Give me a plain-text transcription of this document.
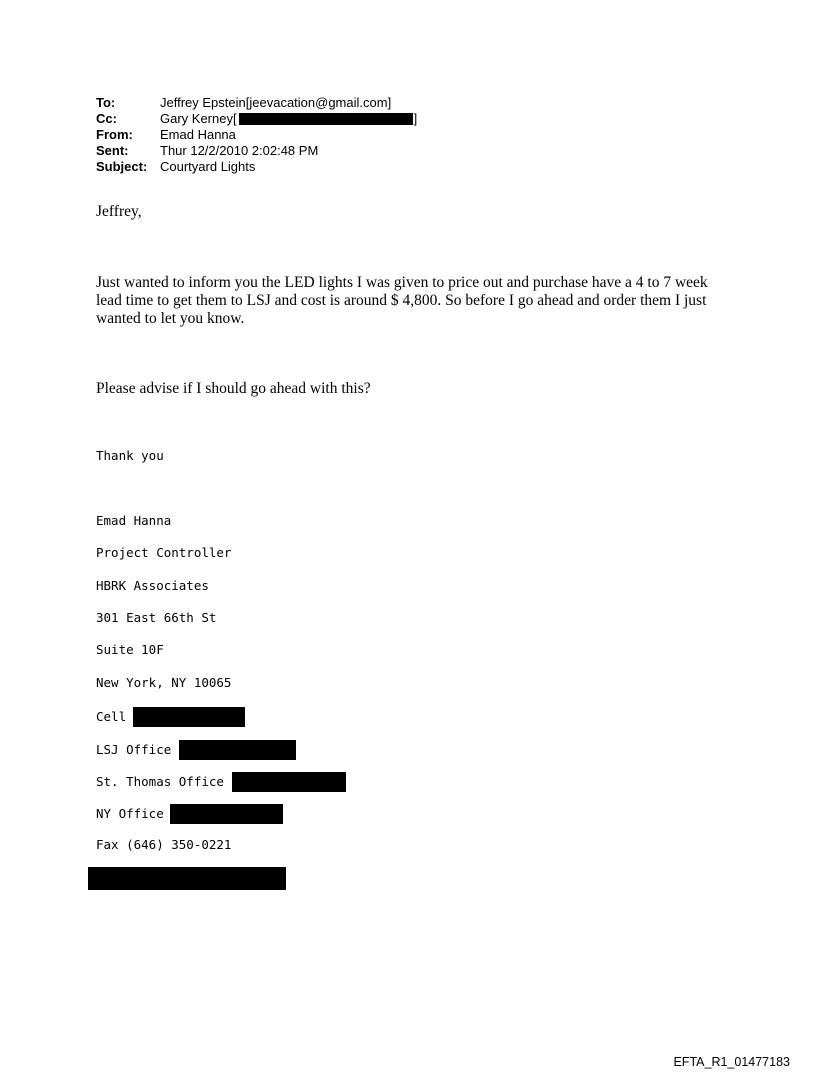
To:	Jeffrey Epstein[jeevacation@gmail.com]
Cc:	Gary Kerney[	]
From:	Emad Hanna
Sent:	Thur 12/2/2010 2:02:48 PM
Subject: Courtyard Lights
Jeffrey,
Just wanted to inform you the LED lights I was given to price out and purchase have a 4 to 7 week lead time to get them to LSJ and cost is around $ 4,800. So before I go ahead and order them I just wanted to let you know.
Please advise if I should go ahead with this?
Thank you
Emad Hanna
Project Controller
HBRK Associates
301 East 66th St
Suite 10F
New York, NY 10065
Cell
LSJ Office
St. Thomas Office
NY Office
Fax (646) 350-0221
EFTA_R1_01477183
